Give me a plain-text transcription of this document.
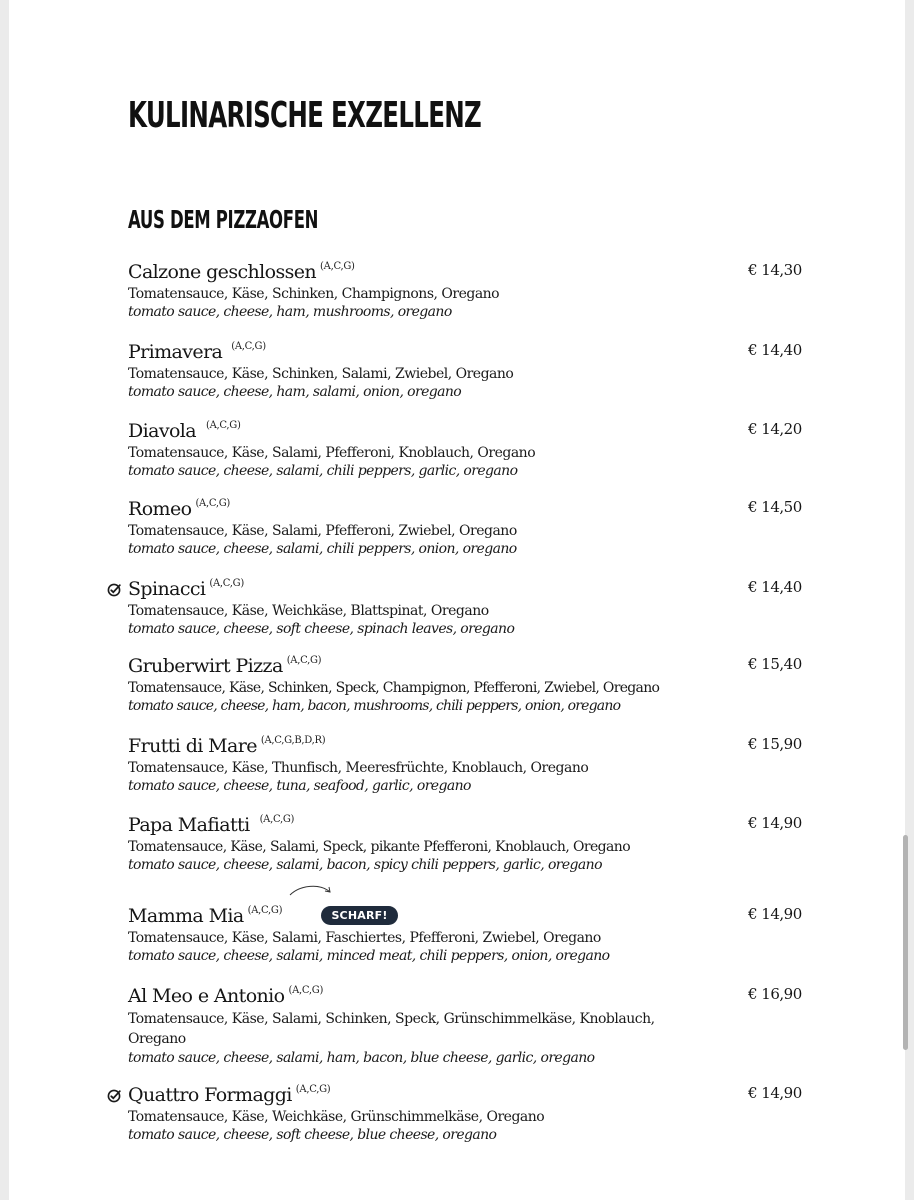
KULINARISCHE EXZELLENZ
AUS DEM PIZZAOFEN
Calzone geschlossen $^{(A,C,G)}$	€ 14,30
Tomatensauce, Käse, Schinken, Champignons, Oregano
tomato sauce, cheese, ham, mushrooms, oregano
Primavera $^{(A,C,G)}$	€ 14,40
Tomatensauce, Käse, Schinken, Salami, Zwiebel, Oregano
tomato sauce, cheese, ham, salami, onion, oregano
Diavola $^{(A,C,G)}$	€ 14,20
Tomatensauce, Käse, Salami, Pfefferoni, Knoblauch, Oregano
tomato sauce, cheese, salami, chili peppers, garlic, oregano
Romeo $^{(A,C,G)}$	€ 14,50
Tomatensauce, Käse, Salami, Pfefferoni, Zwiebel, Oregano
tomato sauce, cheese, salami, chili peppers, onion, oregano
Spinacci $^{(A,C,G)}$	€ 14,40
Tomatensauce, Käse, Weichkäse, Blattspinat, Oregano
tomato sauce, cheese, soft cheese, spinach leaves, oregano
Gruberwirt Pizza $^{(A,C,G)}$	€ 15,40
Tomatensauce, Käse, Schinken, Speck, Champignon, Pfefferoni, Zwiebel, Oregano
tomato sauce, cheese, ham, bacon, mushrooms, chili peppers, onion, oregano
Frutti di Mare $^{(A,C,G,B,D,R)}$	€ 15,90
Tomatensauce, Käse, Thunfisch, Meeresfrüchte, Knoblauch, Oregano
tomato sauce, cheese, tuna, seafood, garlic, oregano
Papa Mafiatti $^{(A,C,G)}$	€ 14,90
Tomatensauce, Käse, Salami, Speck, pikante Pfefferoni, Knoblauch, Oregano
tomato sauce, cheese, salami, bacon, spicy chili peppers, garlic, oregano
Mamma Mia $^{(A,C,G)}$	€ 14,90
SCHARF!
Tomatensauce, Käse, Salami, Faschiertes, Pfefferoni, Zwiebel, Oregano
tomato sauce, cheese, salami, minced meat, chili peppers, onion, oregano
Al Meo e Antonio $^{(A,C,G)}$	€ 16,90
Tomatensauce, Käse, Salami, Schinken, Speck, Grünschimmelkäse, Knoblauch, Oregano
tomato sauce, cheese, salami, ham, bacon, blue cheese, garlic, oregano
Quattro Formaggi $^{(A,C,G)}$	€ 14,90
Tomatensauce, Käse, Weichkäse, Grünschimmelkäse, Oregano
tomato sauce, cheese, soft cheese, blue cheese, oregano
